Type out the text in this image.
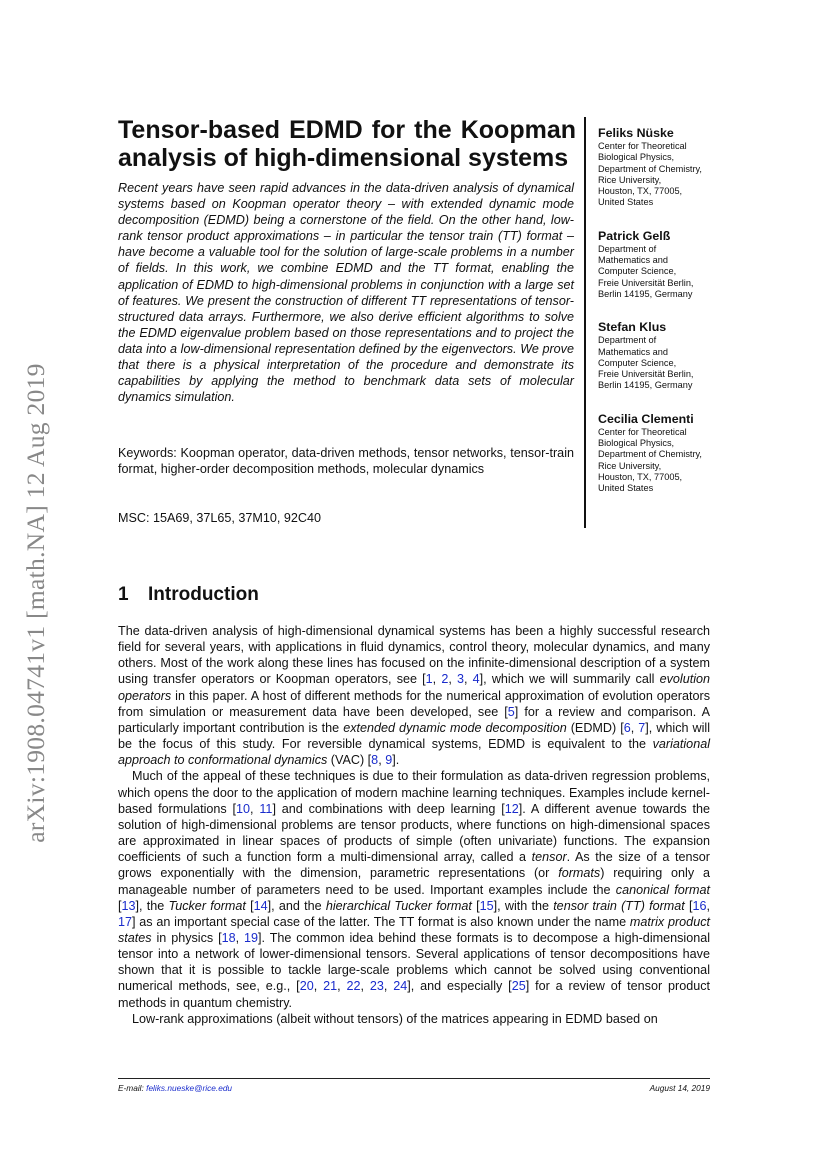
arXiv:1908.04741v1 [math.NA] 12 Aug 2019
Tensor-based EDMD for the Koopman analysis of high-dimensional systems

Recent years have seen rapid advances in the data-driven analysis of dynamical systems based on Koopman operator theory – with extended dynamic mode decomposition (EDMD) being a cornerstone of the field. On the other hand, low-rank tensor product approximations – in particular the tensor train (TT) format – have become a valuable tool for the solution of large-scale problems in a number of fields. In this work, we combine EDMD and the TT format, enabling the application of EDMD to high-dimensional problems in conjunction with a large set of features. We present the construction of different TT representations of tensor-structured data arrays. Furthermore, we also derive efficient algorithms to solve the EDMD eigenvalue problem based on those representations and to project the data into a low-dimensional representation defined by the eigenvectors. We prove that there is a physical interpretation of the procedure and demonstrate its capabilities by applying the method to benchmark data sets of molecular dynamics simulation.

Keywords: Koopman operator, data-driven methods, tensor networks, tensor-train format, higher-order decomposition methods, molecular dynamics

MSC: 15A69, 37L65, 37M10, 92C40

Feliks Nüske

Center for Theoretical
Biological Physics,
Department of Chemistry,
Rice University,
Houston, TX, 77005,
United States

Patrick Gelß

Department of
Mathematics and
Computer Science,
Freie Universität Berlin,
Berlin 14195, Germany

Stefan Klus

Department of
Mathematics and
Computer Science,
Freie Universität Berlin,
Berlin 14195, Germany

Cecilia Clementi

Center for Theoretical
Biological Physics,
Department of Chemistry,
Rice University,
Houston, TX, 77005,
United States
1 Introduction

The data-driven analysis of high-dimensional dynamical systems has been a highly successful research field for several years, with applications in fluid dynamics, control theory, molecular dynamics, and many others. Most of the work along these lines has focused on the infinite-dimensional description of a system using transfer operators or Koopman operators, see [1, 2, 3, 4], which we will summarily call evolution operators in this paper. A host of different methods for the numerical approximation of evolution operators from simulation or measurement data have been developed, see [5] for a review and comparison. A particularly important contribution is the extended dynamic mode decomposition (EDMD) [6, 7], which will be the focus of this study. For reversible dynamical systems, EDMD is equivalent to the variational approach to conformational dynamics (VAC) [8, 9].

Much of the appeal of these techniques is due to their formulation as data-driven regression problems, which opens the door to the application of modern machine learning techniques. Examples include kernel-based formulations [10, 11] and combinations with deep learning [12]. A different avenue towards the solution of high-dimensional problems are tensor products, where functions on high-dimensional spaces are approximated in linear spaces of products of simple (often univariate) functions. The expansion coefficients of such a function form a multi-dimensional array, called a tensor. As the size of a tensor grows exponentially with the dimension, parametric representations (or formats) requiring only a manageable number of parameters need to be used. Important examples include the canonical format [13], the Tucker format [14], and the hierarchical Tucker format [15], with the tensor train (TT) format [16, 17] as an important special case of the latter. The TT format is also known under the name matrix product states in physics [18, 19]. The common idea behind these formats is to decompose a high-dimensional tensor into a network of lower-dimensional tensors. Several applications of tensor decompositions have shown that it is possible to tackle large-scale problems which cannot be solved using conventional numerical methods, see, e.g., [20, 21, 22, 23, 24], and especially [25] for a review of tensor product methods in quantum chemistry.

Low-rank approximations (albeit without tensors) of the matrices appearing in EDMD based on

E-mail: feliks.nueske@rice.edu	August 14, 2019
